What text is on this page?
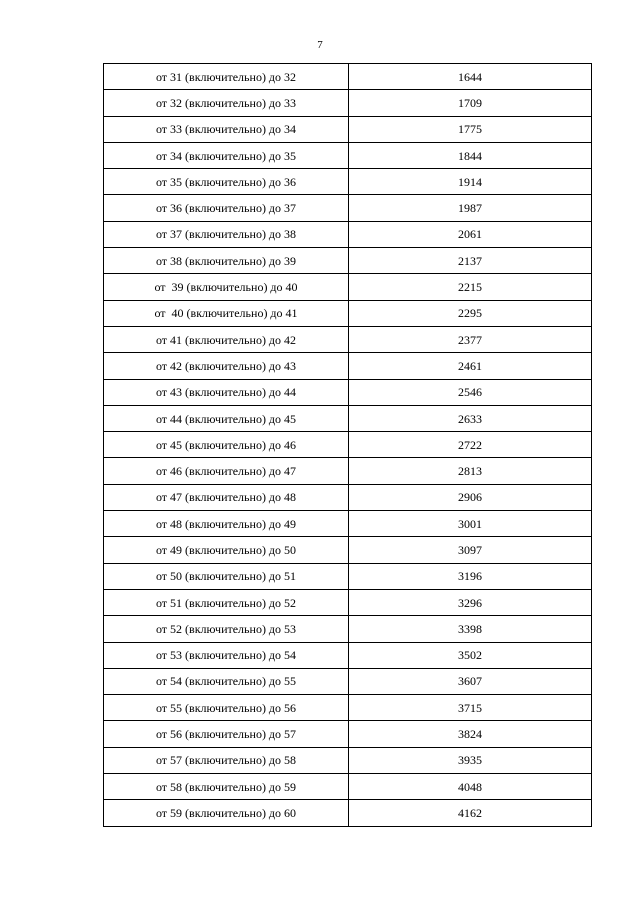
7
от 31 (включительно) до 32	1644
от 32 (включительно) до 33	1709
от 33 (включительно) до 34	1775
от 34 (включительно) до 35	1844
от 35 (включительно) до 36	1914
от 36 (включительно) до 37	1987
от 37 (включительно) до 38	2061
от 38 (включительно) до 39	2137
от  39 (включительно) до 40	2215
от  40 (включительно) до 41	2295
от 41 (включительно) до 42	2377
от 42 (включительно) до 43	2461
от 43 (включительно) до 44	2546
от 44 (включительно) до 45	2633
от 45 (включительно) до 46	2722
от 46 (включительно) до 47	2813
от 47 (включительно) до 48	2906
от 48 (включительно) до 49	3001
от 49 (включительно) до 50	3097
от 50 (включительно) до 51	3196
от 51 (включительно) до 52	3296
от 52 (включительно) до 53	3398
от 53 (включительно) до 54	3502
от 54 (включительно) до 55	3607
от 55 (включительно) до 56	3715
от 56 (включительно) до 57	3824
от 57 (включительно) до 58	3935
от 58 (включительно) до 59	4048
от 59 (включительно) до 60	4162
